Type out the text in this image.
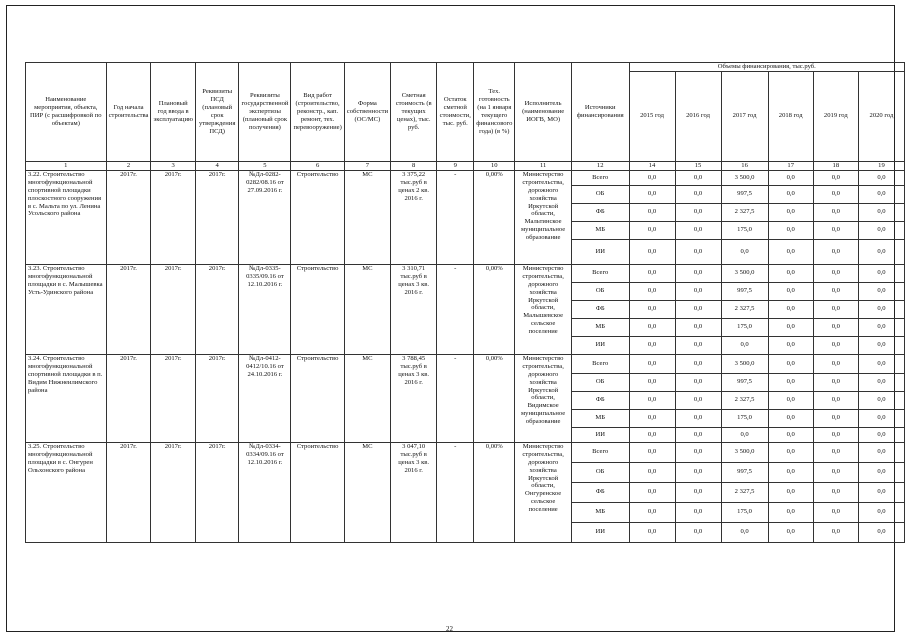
Наименование мероприятия, объекта, ПИР (с расшифровкой по объектам)	Год начала строительства	Плановый год ввода в эксплуатацию	Реквизиты ПСД (плановый срок утверждения ПСД)	Реквизиты государственной экспертизы (плановый срок получения)	Вид работ (строительство, реконстр., кап. ремонт, тех. перевооружение)	Форма собственности (ОС/МС)	Сметная стоимость (в текущих ценах), тыс. руб.	Остаток сметной стоимости, тыс. руб.	Тех. готовность (на 1 января текущего финансового года) (в %)	Исполнитель (наименование ИОГВ, МО)	Источники финансирования	Объемы финансирования, тыс.руб.					
												2015 год	2016 год	2017 год	2018 год	2019 год	2020 год
1	2	3	4	5	6	7	8	9	10	11	12	14	15	16	17	18	19
3.22. Строительство многофункциональной спортивной площадки плоскостного сооружения в с. Мальта по ул. Ленина Усольского района	2017г.	2017г.	2017г.	№Дл-0282-0282/08.16 от 27.09.2016 г.	Строительство	МС	3 375,22 тыс.руб в ценах 2 кв. 2016 г.	-	0,00%	Министерство строительства, дорожного хозяйства Иркутской области, Мальтинское муниципальное образование	Всего	0,0	0,0	3 500,0	0,0	0,0	0,0
											ОБ	0,0	0,0	997,5	0,0	0,0	0,0
											ФБ	0,0	0,0	2 327,5	0,0	0,0	0,0
											МБ	0,0	0,0	175,0	0,0	0,0	0,0
											ИИ	0,0	0,0	0,0	0,0	0,0	0,0
3.23. Строительство многофункциональной площадки в с. Малышевка Усть-Удинского района	2017г.	2017г.	2017г.	№Дл-0335-0335/09.16 от 12.10.2016 г.	Строительство	МС	3 310,71 тыс.руб в ценах 3 кв. 2016 г.	-	0,00%	Министерство строительства, дорожного хозяйства Иркутской области, Малышевское сельское поселение	Всего	0,0	0,0	3 500,0	0,0	0,0	0,0
											ОБ	0,0	0,0	997,5	0,0	0,0	0,0
											ФБ	0,0	0,0	2 327,5	0,0	0,0	0,0
											МБ	0,0	0,0	175,0	0,0	0,0	0,0
											ИИ	0,0	0,0	0,0	0,0	0,0	0,0
3.24. Строительство многофункциональной спортивной площадки в п. Видим Нижнеилимского района	2017г.	2017г.	2017г.	№Дл-0412-0412/10.16 от 24.10.2016 г.	Строительство	МС	3 788,45 тыс.руб в ценах 3 кв. 2016 г.	-	0,00%	Министерство строительства, дорожного хозяйства Иркутской области, Видимское муниципальное образование	Всего	0,0	0,0	3 500,0	0,0	0,0	0,0
											ОБ	0,0	0,0	997,5	0,0	0,0	0,0
											ФБ	0,0	0,0	2 327,5	0,0	0,0	0,0
											МБ	0,0	0,0	175,0	0,0	0,0	0,0
											ИИ	0,0	0,0	0,0	0,0	0,0	0,0
3.25. Строительство многофункциональной площадки в с. Онгурен Ольхонского района	2017г.	2017г.	2017г.	№Дл-0334-0334/09.16 от 12.10.2016 г.	Строительство	МС	3 047,10 тыс.руб в ценах 3 кв. 2016 г.	-	0,00%	Министерство строительства, дорожного хозяйства Иркутской области, Онгуренское сельское поселение	Всего	0,0	0,0	3 500,0	0,0	0,0	0,0
											ОБ	0,0	0,0	997,5	0,0	0,0	0,0
											ФБ	0,0	0,0	2 327,5	0,0	0,0	0,0
											МБ	0,0	0,0	175,0	0,0	0,0	0,0
											ИИ	0,0	0,0	0,0	0,0	0,0	0,0
22
